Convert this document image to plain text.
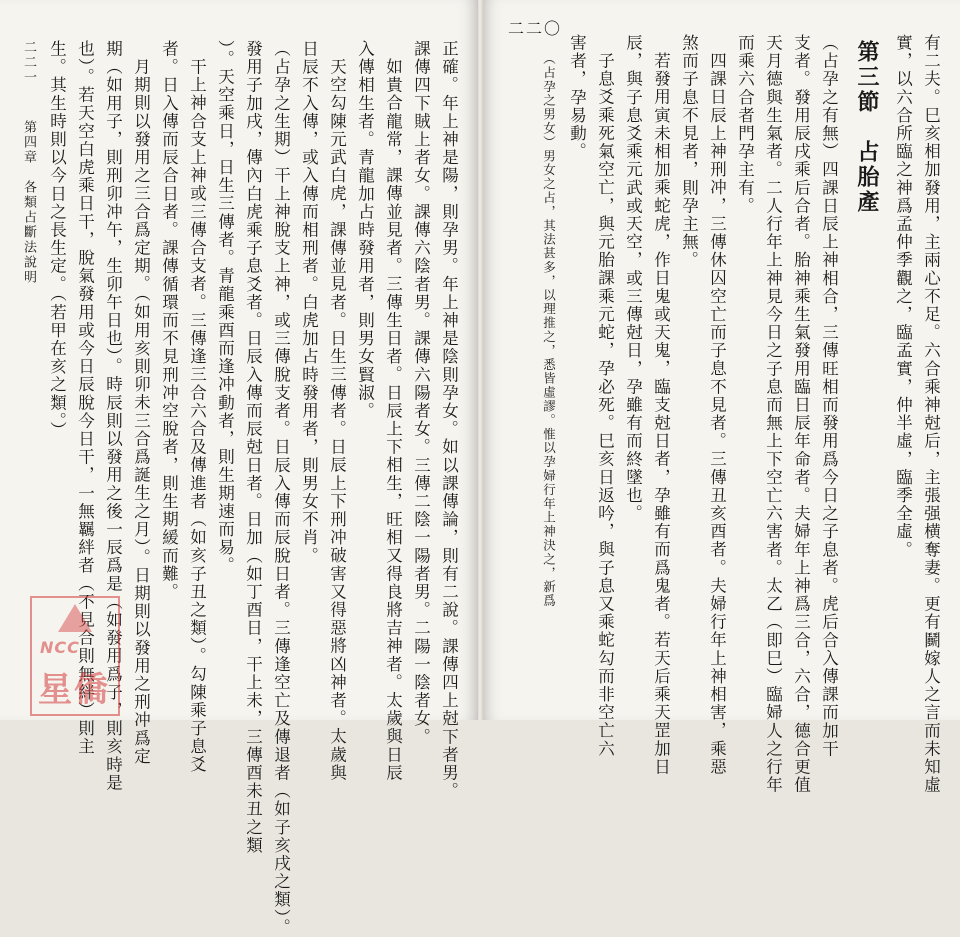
二二〇
有二夫。巳亥相加發用，主兩心不足。六合乘神尅后，主張强横奪妻。更有鬭嫁人之言而未知虛
實，以六合所臨之神爲孟仲季觀之，臨孟實，仲半虛，臨季全虛。
第三節　占胎產
（占孕之有無）四課日辰上神相合，三傳旺相而發用爲今日之子息者。虎后合入傳課而加干
支者。發用辰戌乘后合者。胎神乘生氣發用臨日辰年命者。夫婦年上神爲三合，六合，德合更值
天月德與生氣者。二人行年上神見今日之子息而無上下空亡六害者。太乙（即巳）臨婦人之行年
而乘六合者門孕主有。
四課日辰上神刑冲，三傳休囚空亡而子息不見者。三傳丑亥酉者。夫婦行年上神相害，乘惡
煞而子息不見者，則孕主無。
若發用寅未相加乘蛇虎，作日鬼或天鬼，臨支尅日者，孕雖有而爲鬼者。若天后乘天罡加日
辰，與子息爻乘元武或天空，或三傳尅日，孕雖有而終墜也。
子息爻乘死氣空亡，與元胎課乘元蛇，孕必死。巳亥日返吟，與子息又乘蛇勾而非空亡六
害者，孕易動。
（占孕之男女）男女之占，其法甚多，以理推之，悉皆虛謬。惟以孕婦行年上神決之，新爲
正確。年上神是陽，則孕男。年上神是陰則孕女。如以課傳論，則有二說。課傳四上尅下者男。
課傳四下賊上者女。課傳六陰者男。課傳六陽者女。三傳二陰一陽者男。二陽一陰者女。
如貴合龍常，課傳並見者。三傳生日者。日辰上下相生，旺相又得良將吉神者。太歲與日辰
入傳相生者。青龍加占時發用者，則男女賢淑。
天空勾陳元武白虎，課傳並見者。日生三傳者。日辰上下刑冲破害又得惡將凶神者。太歲與
日辰不入傳，或入傳而相刑者。白虎加占時發用者，則男女不肖。
（占孕之生期）干上神脫支上神，或三傳脫支者。日辰入傳而辰脫日者。三傳逢空亡及傳退者（如子亥戌之類）。
發用子加戌，傳內白虎乘子息爻者。日辰入傳而辰尅日者。日加（如丁酉日，干上未，三傳酉未丑之類
）。天空乘日，日生三傳者。青龍乘酉而逢冲動者，則生期速而易。
干上神合支上神或三傳合支者。三傳逢三合六合及傳進者（如亥子丑之類）。勾陳乘子息爻
者。日入傳而辰合日者。課傳循環而不見刑冲空脫者，則生期緩而難。
月期則以發用之三合爲定期。（如用亥則卯未三合爲誕生之月）。日期則以發用之刑冲爲定
期（如用子，則刑卯冲午，生卯午日也）。時辰則以發用之後一辰爲是（如發用爲子，則亥時是
也）。若天空白虎乘日干，脫氣發用或今日辰脫今日干，一無羈絆者（不見合則無絆）則主
生。其生時則以今日之長生定。（若甲在亥之類。）
第四章　各類占斷法說明
二二一
NCC
星僑
